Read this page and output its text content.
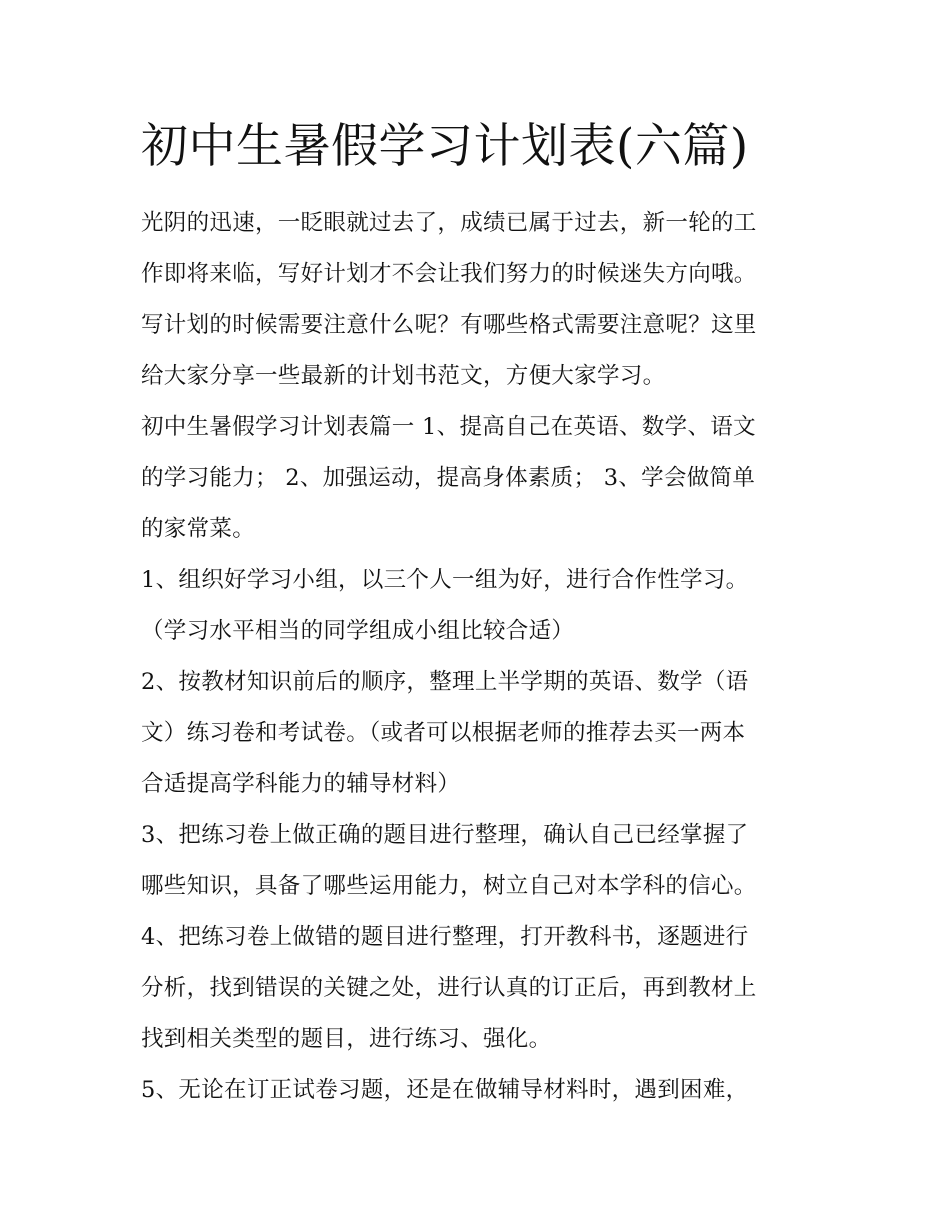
初中生暑假学习计划表(六篇)
光阴的迅速，一眨眼就过去了，成绩已属于过去，新一轮的工
作即将来临，写好计划才不会让我们努力的时候迷失方向哦。
写计划的时候需要注意什么呢？有哪些格式需要注意呢？这里
给大家分享一些最新的计划书范文，方便大家学习。
初中生暑假学习计划表篇一 1、提高自己在英语、数学、语文
的学习能力； 2、加强运动，提高身体素质； 3、学会做简单
的家常菜。
1、组织好学习小组，以三个人一组为好，进行合作性学习。
（学习水平相当的同学组成小组比较合适）
2、按教材知识前后的顺序，整理上半学期的英语、数学（语
文）练习卷和考试卷。（或者可以根据老师的推荐去买一两本
合适提高学科能力的辅导材料）
3、把练习卷上做正确的题目进行整理，确认自己已经掌握了
哪些知识，具备了哪些运用能力，树立自己对本学科的信心。
4、把练习卷上做错的题目进行整理，打开教科书，逐题进行
分析，找到错误的关键之处，进行认真的订正后，再到教材上
找到相关类型的题目，进行练习、强化。
5、无论在订正试卷习题，还是在做辅导材料时，遇到困难，
